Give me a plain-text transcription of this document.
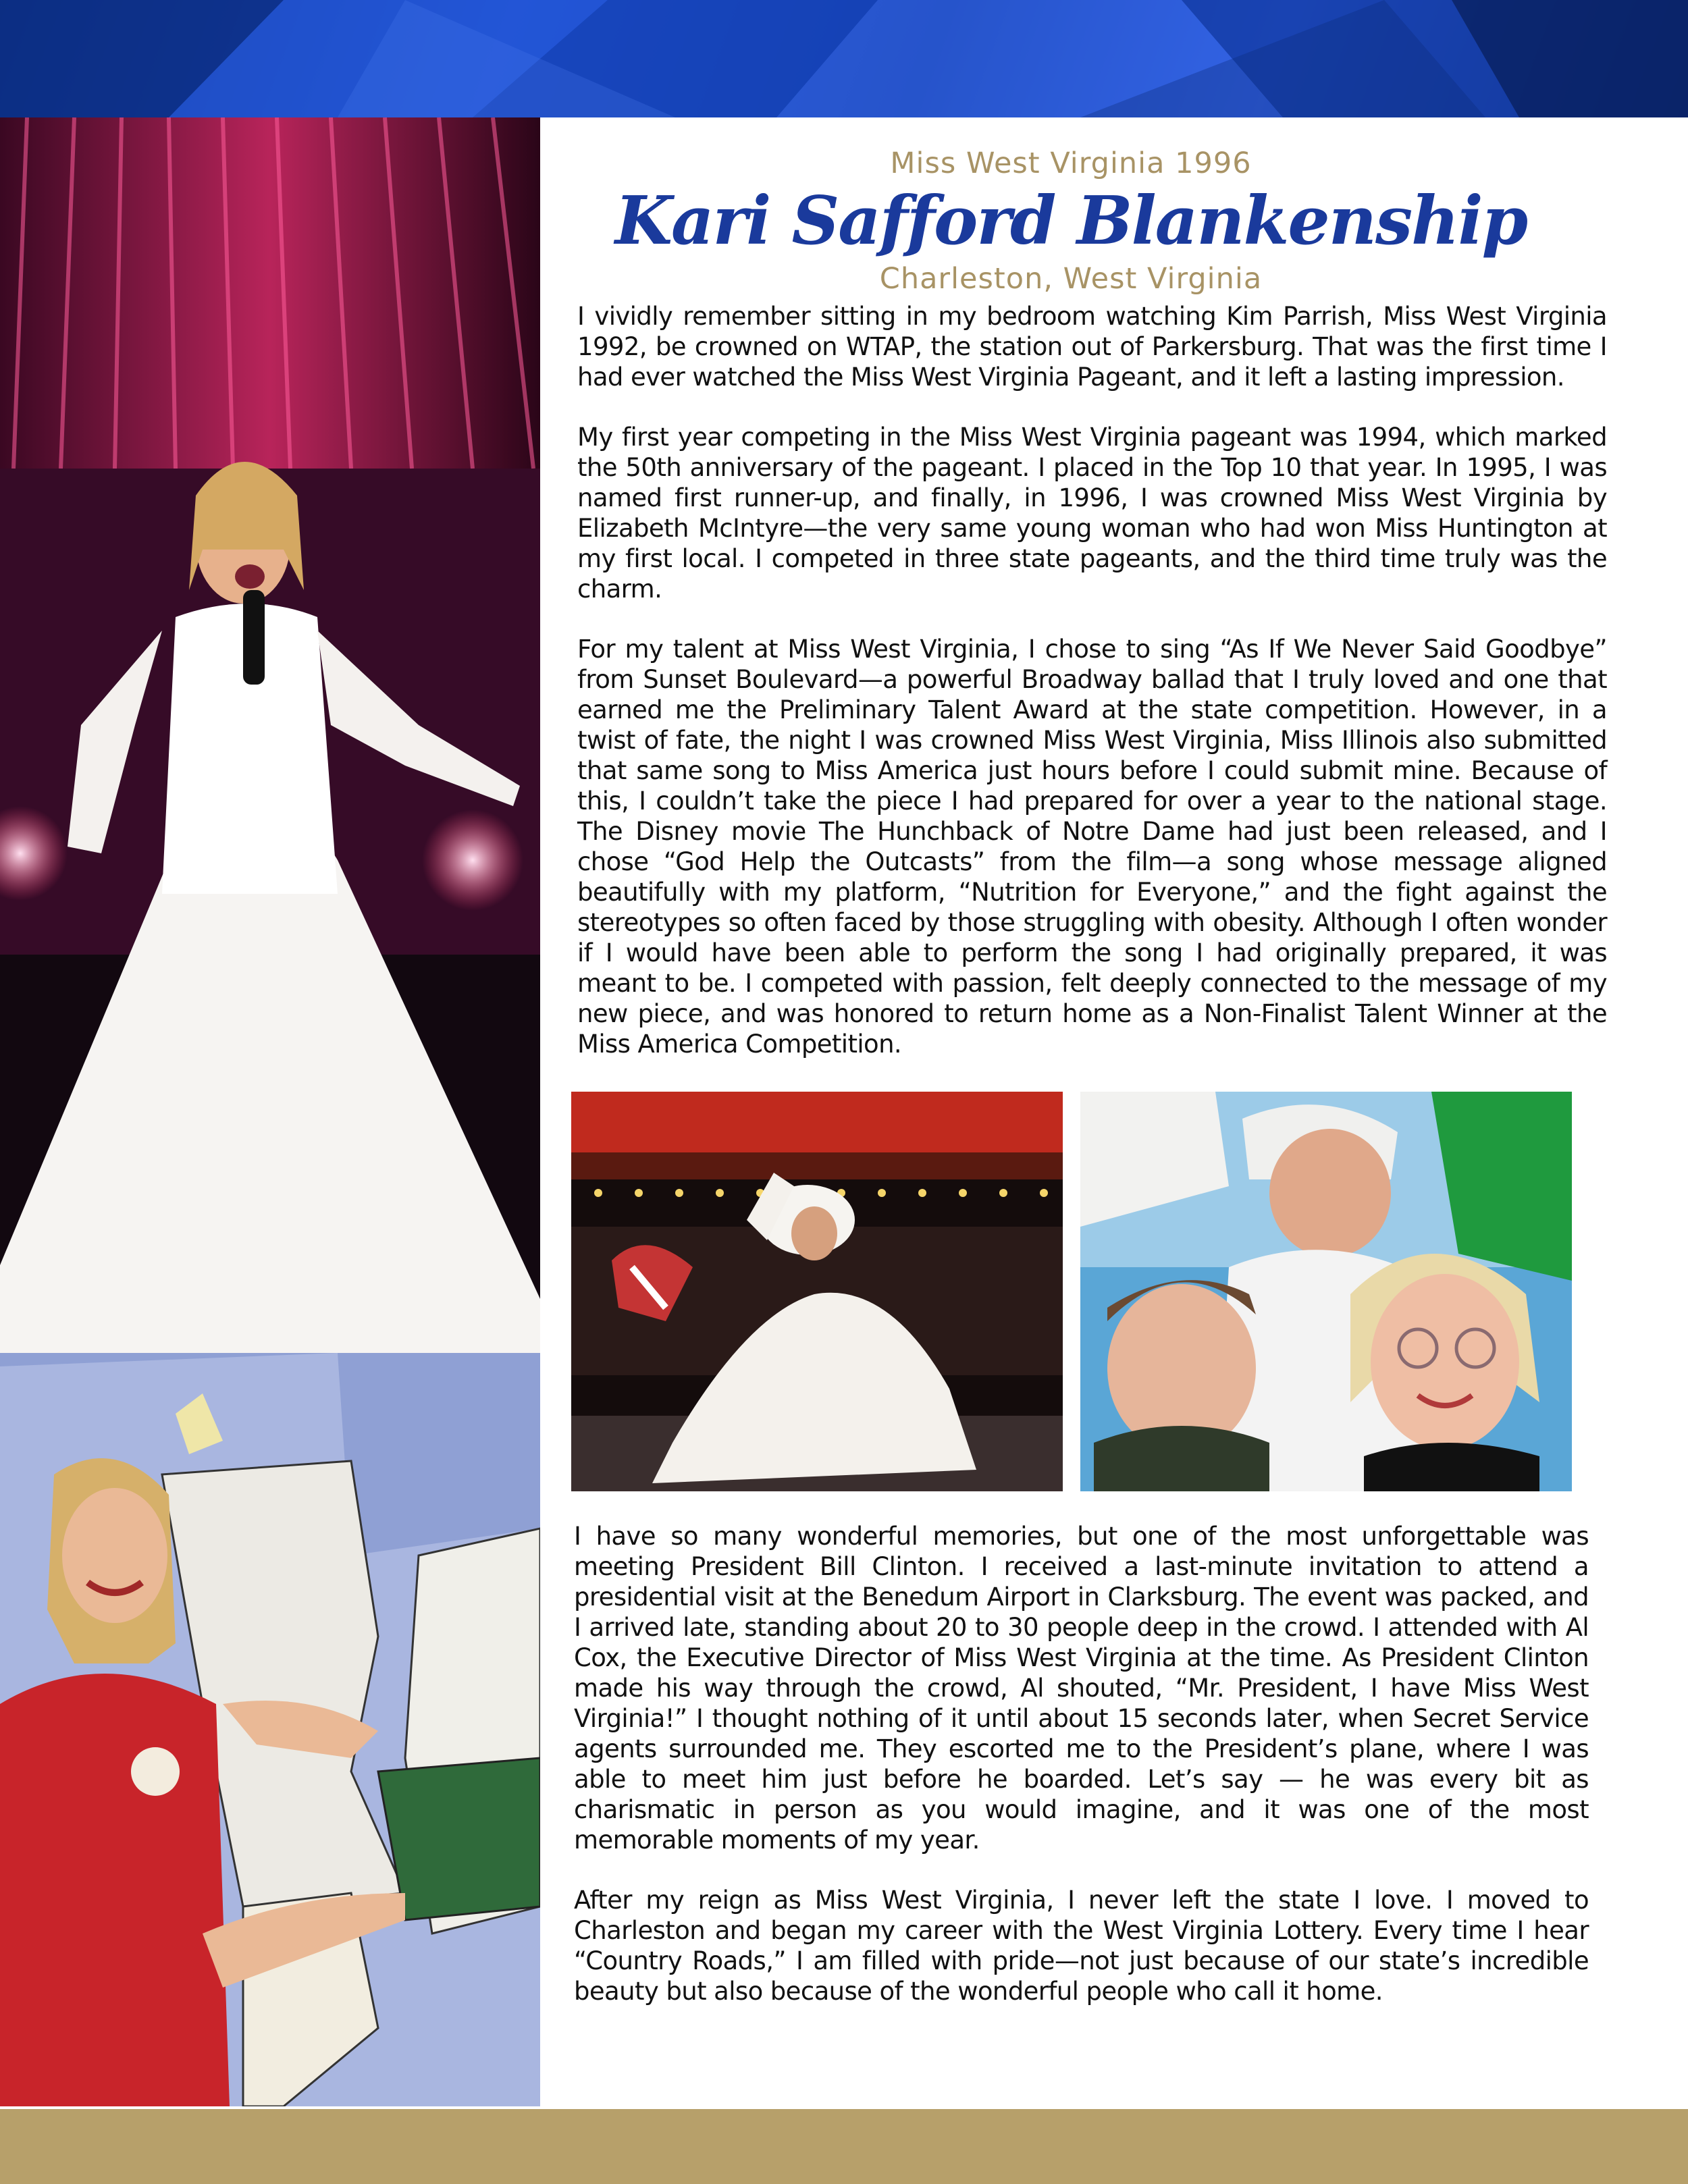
Miss West Virginia 1996
Kari Safford Blankenship
Charleston, West Virginia

I vividly remember sitting in my bedroom watching Kim Parrish, Miss West Virginia 1992, be crowned on WTAP, the station out of Parkersburg. That was the first time I had ever watched the Miss West Virginia Pageant, and it left a lasting impression.

My first year competing in the Miss West Virginia pageant was 1994, which marked the 50th anniversary of the pageant. I placed in the Top 10 that year. In 1995, I was named first runner-up, and finally, in 1996, I was crowned Miss West Virginia by Elizabeth McIntyre—the very same young woman who had won Miss Huntington at my first local. I competed in three state pageants, and the third time truly was the charm.

For my talent at Miss West Virginia, I chose to sing “As If We Never Said Goodbye” from Sunset Boulevard—a powerful Broadway ballad that I truly loved and one that earned me the Preliminary Talent Award at the state competition. However, in a twist of fate, the night I was crowned Miss West Virginia, Miss Illinois also submitted that same song to Miss America just hours before I could submit mine. Because of this, I couldn’t take the piece I had prepared for over a year to the national stage. The Disney movie The Hunchback of Notre Dame had just been released, and I chose “God Help the Outcasts” from the film—a song whose message aligned beautifully with my platform, “Nutrition for Everyone,” and the fight against the stereotypes so often faced by those struggling with obesity. Although I often wonder if I would have been able to perform the song I had originally prepared, it was meant to be. I competed with passion, felt deeply connected to the message of my new piece, and was honored to return home as a Non-Finalist Talent Winner at the Miss America Competition.

I have so many wonderful memories, but one of the most unforgettable was meeting President Bill Clinton. I received a last-minute invitation to attend a presidential visit at the Benedum Airport in Clarksburg. The event was packed, and I arrived late, standing about 20 to 30 people deep in the crowd. I attended with Al Cox, the Executive Director of Miss West Virginia at the time. As President Clinton made his way through the crowd, Al shouted, “Mr. President, I have Miss West Virginia!” I thought nothing of it until about 15 seconds later, when Secret Service agents surrounded me. They escorted me to the President’s plane, where I was able to meet him just before he boarded. Let’s say — he was every bit as charismatic in person as you would imagine, and it was one of the most memorable moments of my year.

After my reign as Miss West Virginia, I never left the state I love. I moved to Charleston and began my career with the West Virginia Lottery. Every time I hear “Country Roads,” I am filled with pride—not just because of our state’s incredible beauty but also because of the wonderful people who call it home.
